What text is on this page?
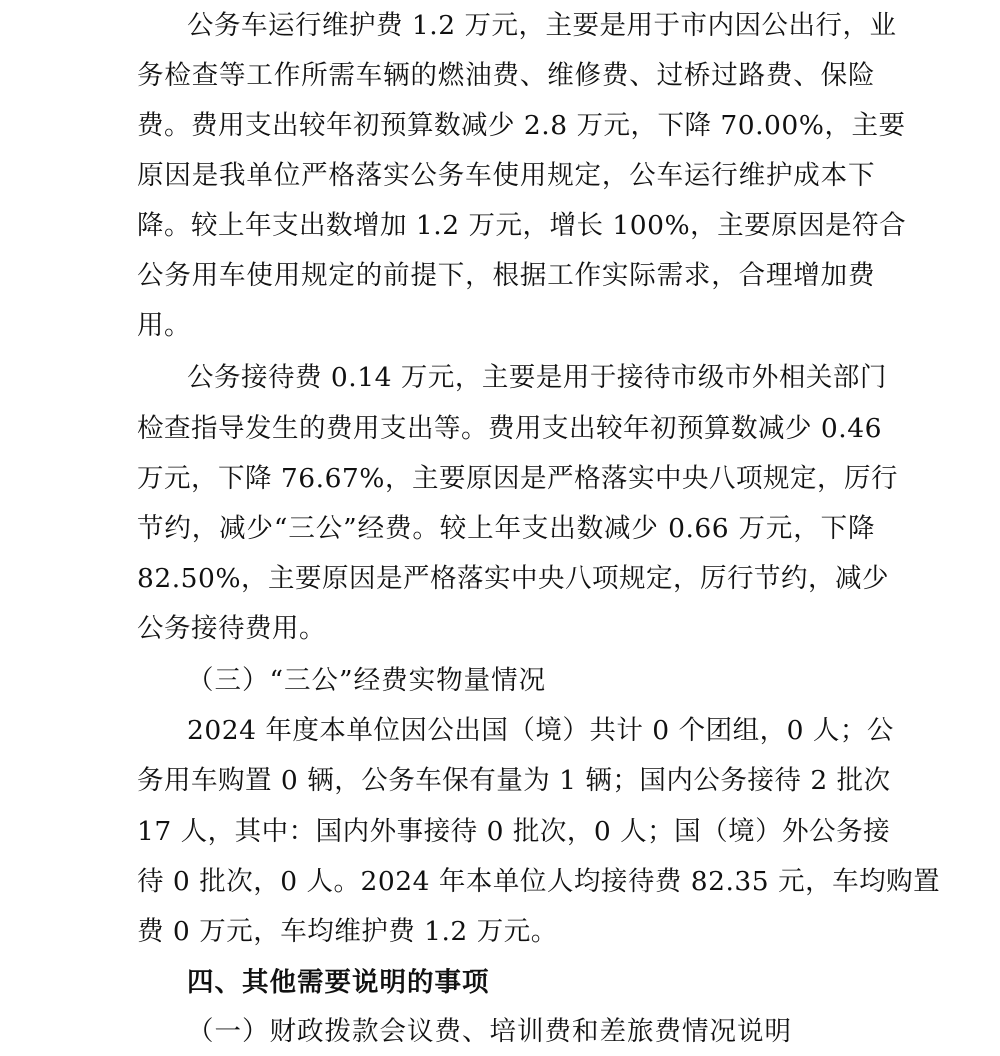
公务车运行维护费 1.2 万元，主要是用于市内因公出行，业
务检查等工作所需车辆的燃油费、维修费、过桥过路费、保险
费。费用支出较年初预算数减少 2.8 万元，下降 70.00%，主要
原因是我单位严格落实公务车使用规定，公车运行维护成本下
降。较上年支出数增加 1.2 万元，增长 100%，主要原因是符合
公务用车使用规定的前提下，根据工作实际需求，合理增加费
用。
公务接待费 0.14 万元，主要是用于接待市级市外相关部门
检查指导发生的费用支出等。费用支出较年初预算数减少 0.46
万元，下降 76.67%，主要原因是严格落实中央八项规定，厉行
节约，减少“三公”经费。较上年支出数减少 0.66 万元，下降
82.50%，主要原因是严格落实中央八项规定，厉行节约，减少
公务接待费用。
（三）“三公”经费实物量情况
2024 年度本单位因公出国（境）共计 0 个团组，0 人；公
务用车购置 0 辆，公务车保有量为 1 辆；国内公务接待 2 批次
17 人，其中：国内外事接待 0 批次，0 人；国（境）外公务接
待 0 批次，0 人。2024 年本单位人均接待费 82.35 元，车均购置
费 0 万元，车均维护费 1.2 万元。
四、其他需要说明的事项
（一）财政拨款会议费、培训费和差旅费情况说明
